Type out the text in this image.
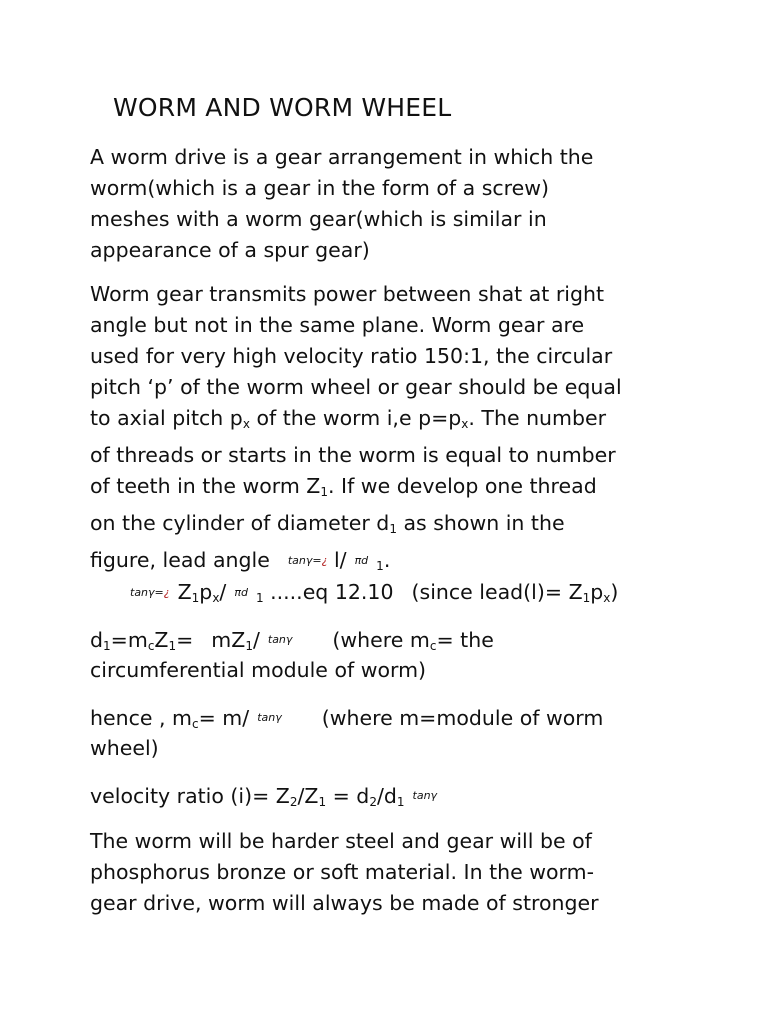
WORM AND WORM WHEEL

A worm drive is a gear arrangement in which the
worm(which is a gear in the form of a screw)
meshes with a worm gear(which is similar in
appearance of a spur gear)

Worm gear transmits power between shat at right
angle but not in the same plane. Worm gear are
used for very high velocity ratio 150:1, the circular
pitch ‘p’ of the worm wheel or gear should be equal
to axial pitch $p_x$ of the worm i,e $p=p_x$. The number
of threads or starts in the worm is equal to number
of teeth in the worm $Z_1$. If we develop one thread
on the cylinder of diameter $d_1$ as shown in the
figure, lead angle tanγ=¿ l/ πd $_1$.

tanγ=¿ $Z_1p_x/$ πd $_1$ .....eq 12.10 (since lead(l)= $Z_1p_x$)
$d_1=m_cZ_1= mZ_1/$ tanγ (where $m_c=$ the
circumferential module of worm)
hence , $m_c= m/$ tanγ (where m=module of worm
wheel)
velocity ratio $(i)= Z_2/Z_1 = d_2/d_1$ tanγ

The worm will be harder steel and gear will be of
phosphorus bronze or soft material. In the worm-
gear drive, worm will always be made of stronger
